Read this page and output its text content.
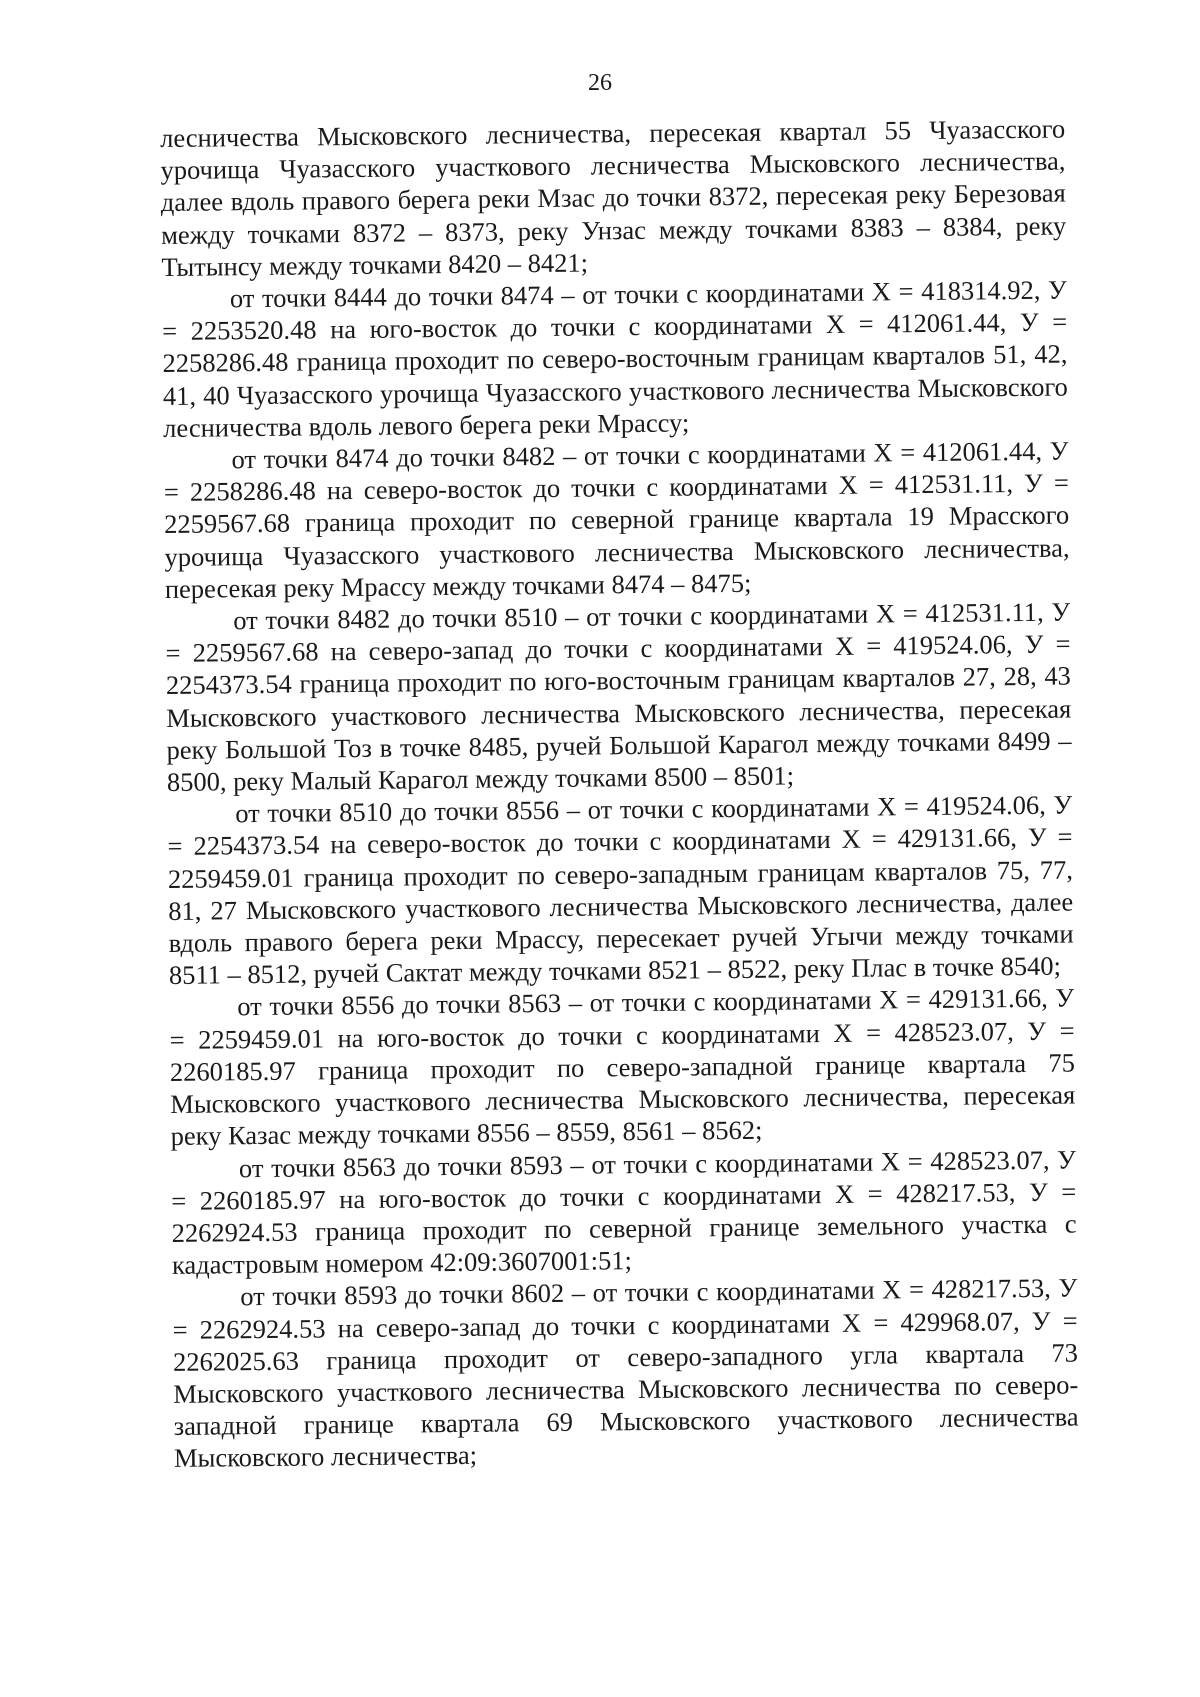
26

лесничества Мысковского лесничества, пересекая квартал 55 Чуазасского урочища Чуазасского участкового лесничества Мысковского лесничества, далее вдоль правого берега реки Мзас до точки 8372, пересекая реку Березовая между точками 8372 – 8373, реку Унзас между точками 8383 – 8384, реку Тытынсу между точками 8420 – 8421;

от точки 8444 до точки 8474 – от точки с координатами Х = 418314.92, У = 2253520.48 на юго-восток до точки с координатами Х = 412061.44, У = 2258286.48 граница проходит по северо-восточным границам кварталов 51, 42, 41, 40 Чуазасского урочища Чуазасского участкового лесничества Мысковского лесничества вдоль левого берега реки Мрассу;

от точки 8474 до точки 8482 – от точки с координатами Х = 412061.44, У = 2258286.48 на северо-восток до точки с координатами Х = 412531.11, У = 2259567.68 граница проходит по северной границе квартала 19 Мрасского урочища Чуазасского участкового лесничества Мысковского лесничества, пересекая реку Мрассу между точками 8474 – 8475;

от точки 8482 до точки 8510 – от точки с координатами Х = 412531.11, У = 2259567.68 на северо-запад до точки с координатами Х = 419524.06, У = 2254373.54 граница проходит по юго-восточным границам кварталов 27, 28, 43 Мысковского участкового лесничества Мысковского лесничества, пересекая реку Большой Тоз в точке 8485, ручей Большой Карагол между точками 8499 – 8500, реку Малый Карагол между точками 8500 – 8501;

от точки 8510 до точки 8556 – от точки с координатами Х = 419524.06, У = 2254373.54 на северо-восток до точки с координатами Х = 429131.66, У = 2259459.01 граница проходит по северо-западным границам кварталов 75, 77, 81, 27 Мысковского участкового лесничества Мысковского лесничества, далее вдоль правого берега реки Мрассу, пересекает ручей Угычи между точками 8511 – 8512, ручей Сактат между точками 8521 – 8522, реку Плас в точке 8540;

от точки 8556 до точки 8563 – от точки с координатами Х = 429131.66, У = 2259459.01 на юго-восток до точки с координатами Х = 428523.07, У = 2260185.97 граница проходит по северо-западной границе квартала 75 Мысковского участкового лесничества Мысковского лесничества, пересекая реку Казас между точками 8556 – 8559, 8561 – 8562;

от точки 8563 до точки 8593 – от точки с координатами Х = 428523.07, У = 2260185.97 на юго-восток до точки с координатами Х = 428217.53, У = 2262924.53 граница проходит по северной границе земельного участка с кадастровым номером 42:09:3607001:51;

от точки 8593 до точки 8602 – от точки с координатами Х = 428217.53, У = 2262924.53 на северо-запад до точки с координатами Х = 429968.07, У = 2262025.63 граница проходит от северо-западного угла квартала 73 Мысковского участкового лесничества Мысковского лесничества по северо-западной границе квартала 69 Мысковского участкового лесничества Мысковского лесничества;
